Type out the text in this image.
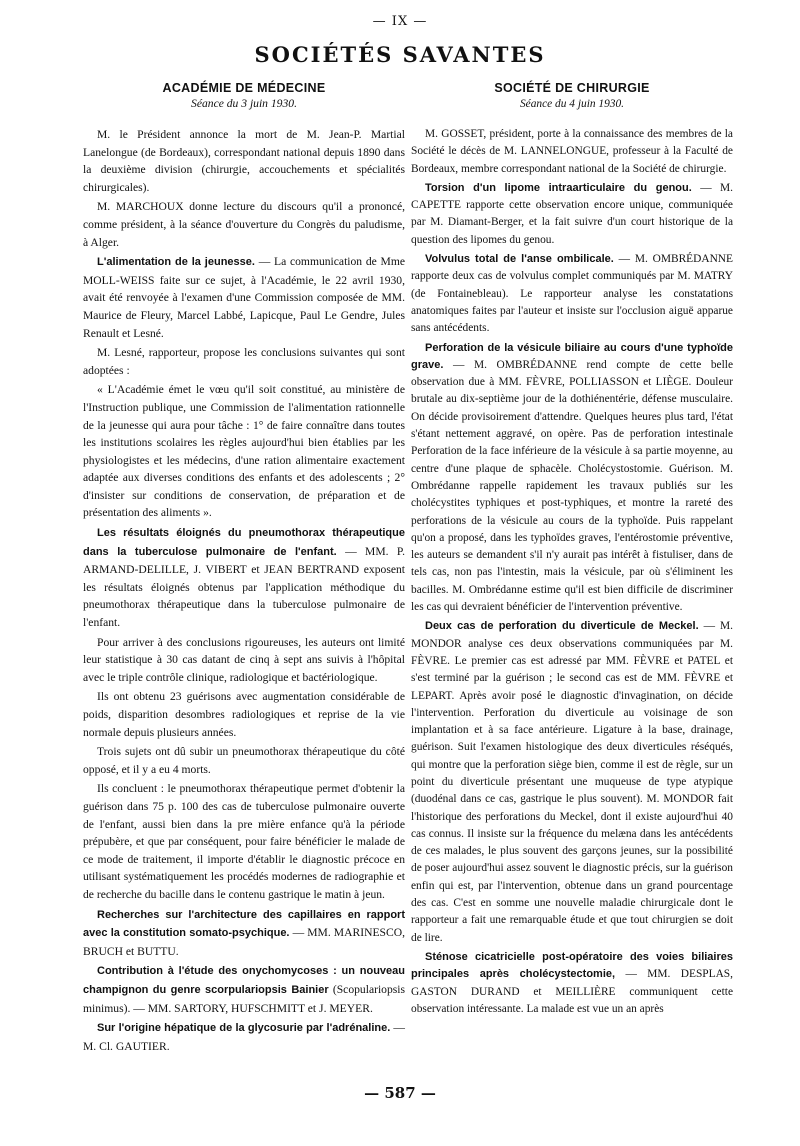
— IX —
SOCIÉTÉS SAVANTES
ACADÉMIE DE MÉDECINE
Séance du 3 juin 1930.

M. le Président annonce la mort de M. Jean-P. Martial Lanelongue (de Bordeaux), correspondant national depuis 1890 dans la deuxième division (chirurgie, accouchements et spécialités chirurgicales).

M. MARCHOUX donne lecture du discours qu'il a prononcé, comme président, à la séance d'ouverture du Congrès du paludisme, à Alger.

L'alimentation de la jeunesse. — La communication de Mme MOLL-WEISS faite sur ce sujet, à l'Académie, le 22 avril 1930, avait été renvoyée à l'examen d'une Commission composée de MM. Maurice de Fleury, Marcel Labbé, Lapicque, Paul Le Gendre, Jules Renault et Lesné.

M. Lesné, rapporteur, propose les conclusions suivantes qui sont adoptées :

« L'Académie émet le vœu qu'il soit constitué, au ministère de l'Instruction publique, une Commission de l'alimentation rationnelle de la jeunesse qui aura pour tâche : 1° de faire connaître dans toutes les institutions scolaires les règles aujourd'hui bien établies par les physiologistes et les médecins, d'une ration alimentaire exactement adaptée aux diverses conditions des enfants et des adolescents ; 2° d'insister sur conditions de conservation, de préparation et de présentation des aliments ».

Les résultats éloignés du pneumothorax thérapeutique dans la tuberculose pulmonaire de l'enfant. — MM. P. ARMAND-DELILLE, J. VIBERT et JEAN BERTRAND exposent les résultats éloignés obtenus par l'application méthodique du pneumothorax thérapeutique dans la tuberculose pulmonaire de l'enfant.

Pour arriver à des conclusions rigoureuses, les auteurs ont limité leur statistique à 30 cas datant de cinq à sept ans suivis à l'hôpital avec le triple contrôle clinique, radiologique et bactériologique.

Ils ont obtenu 23 guérisons avec augmentation considérable de poids, disparition desombres radiologiques et reprise de la vie normale depuis plusieurs années.

Trois sujets ont dû subir un pneumothorax thérapeutique du côté opposé, et il y a eu 4 morts.

Ils concluent : le pneumothorax thérapeutique permet d'obtenir la guérison dans 75 p. 100 des cas de tuberculose pulmonaire ouverte de l'enfant, aussi bien dans la pre mière enfance qu'à la période prépubère, et que par conséquent, pour faire bénéficier le malade de ce mode de traitement, il importe d'établir le diagnostic précoce en utilisant systématiquement les procédés modernes de radiographie et de recherche du bacille dans le contenu gastrique le matin à jeun.

Recherches sur l'architecture des capillaires en rapport avec la constitution somato-psychique. — MM. MARINESCO, BRUCH et BUTTU.

Contribution à l'étude des onychomycoses : un nouveau champignon du genre scorpulariopsis Bainier (Scopulariopsis minimus). — MM. SARTORY, HUFSCHMITT et J. MEYER.

Sur l'origine hépatique de la glycosurie par l'adrénaline. — M. Cl. GAUTIER.

SOCIÉTÉ DE CHIRURGIE
Séance du 4 juin 1930.

M. GOSSET, président, porte à la connaissance des membres de la Société le décès de M. LANNELONGUE, professeur à la Faculté de Bordeaux, membre correspondant national de la Société de chirurgie.

Torsion d'un lipome intraarticulaire du genou. — M. CAPETTE rapporte cette observation encore unique, communiquée par M. Diamant-Berger, et la fait suivre d'un court historique de la question des lipomes du genou.

Volvulus total de l'anse ombilicale. — M. OMBRÉDANNE rapporte deux cas de volvulus complet communiqués par M. MATRY (de Fontainebleau). Le rapporteur analyse les constatations anatomiques faites par l'auteur et insiste sur l'occlusion aiguë apparue sans antécédents.

Perforation de la vésicule biliaire au cours d'une typhoïde grave. — M. OMBRÉDANNE rend compte de cette belle observation due à MM. FÈVRE, POLLIASSON et LIÈGE. Douleur brutale au dix-septième jour de la dothiénentérie, défense musculaire. On décide provisoirement d'attendre. Quelques heures plus tard, l'état s'étant nettement aggravé, on opère. Pas de perforation intestinale Perforation de la face inférieure de la vésicule à sa partie moyenne, au centre d'une plaque de sphacèle. Cholécystostomie. Guérison. M. Ombrédanne rappelle rapidement les travaux publiés sur les cholécystites typhiques et post-typhiques, et montre la rareté des perforations de la vésicule au cours de la typhoïde. Puis rappelant qu'on a proposé, dans les typhoïdes graves, l'entérostomie préventive, les auteurs se demandent s'il n'y aurait pas intérêt à fistuliser, dans de tels cas, non pas l'intestin, mais la vésicule, par où s'éliminent les bacilles. M. Ombrédanne estime qu'il est bien difficile de discriminer les cas qui devraient bénéficier de l'intervention préventive.

Deux cas de perforation du diverticule de Meckel. — M. MONDOR analyse ces deux observations communiquées par M. FÈVRE. Le premier cas est adressé par MM. FÈVRE et PATEL et s'est terminé par la guérison ; le second cas est de MM. FÈVRE et LEPART. Après avoir posé le diagnostic d'invagination, on décide l'intervention. Perforation du diverticule au voisinage de son implantation et à sa face antérieure. Ligature à la base, drainage, guérison. Suit l'examen histologique des deux diverticules réséqués, qui montre que la perforation siège bien, comme il est de règle, sur un point du diverticule présentant une muqueuse de type atypique (duodénal dans ce cas, gastrique le plus souvent). M. MONDOR fait l'historique des perforations du Meckel, dont il existe aujourd'hui 40 cas connus. Il insiste sur la fréquence du melæna dans les antécédents de ces malades, le plus souvent des garçons jeunes, sur la possibilité de poser aujourd'hui assez souvent le diagnostic précis, sur la guérison enfin qui est, par l'intervention, obtenue dans un grand pourcentage des cas. C'est en somme une nouvelle maladie chirurgicale dont le rapporteur a fait une remarquable étude et que tout chirurgien se doit de lire.

Sténose cicatricielle post-opératoire des voies biliaires principales après cholécystectomie, — MM. DESPLAS, GASTON DURAND et MEILLIÈRE communiquent cette observation intéressante. La malade est vue un an après

— 587 —
